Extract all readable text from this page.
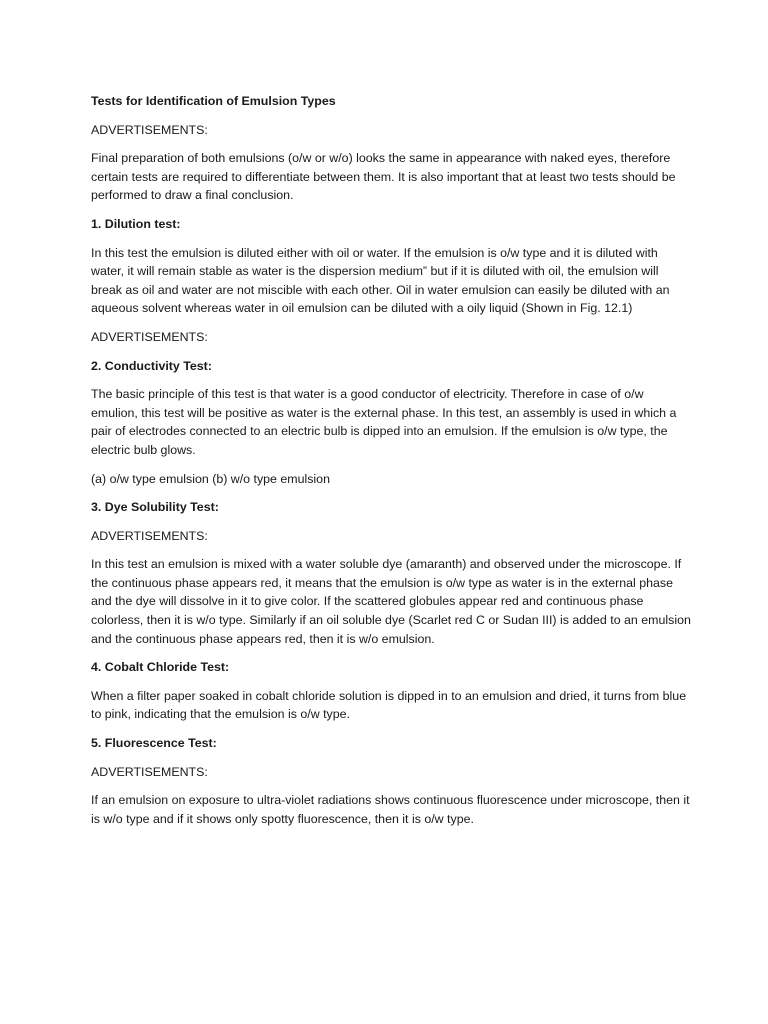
Tests for Identification of Emulsion Types
ADVERTISEMENTS:
Final preparation of both emulsions (o/w or w/o) looks the same in appearance with naked eyes, therefore certain tests are required to differentiate between them. It is also important that at least two tests should be performed to draw a final conclusion.
1. Dilution test:
In this test the emulsion is diluted either with oil or water. If the emulsion is o/w type and it is diluted with water, it will remain stable as water is the dispersion medium” but if it is diluted with oil, the emulsion will break as oil and water are not miscible with each other. Oil in water emulsion can easily be diluted with an aqueous solvent whereas water in oil emulsion can be diluted with a oily liquid (Shown in Fig. 12.1)
ADVERTISEMENTS:
2. Conductivity Test:
The basic principle of this test is that water is a good conductor of electricity. Therefore in case of o/w emulion, this test will be positive as water is the external phase. In this test, an assembly is used in which a pair of electrodes connected to an electric bulb is dipped into an emulsion. If the emulsion is o/w type, the electric bulb glows.
(a) o/w type emulsion (b) w/o type emulsion
3. Dye Solubility Test:
ADVERTISEMENTS:
In this test an emulsion is mixed with a water soluble dye (amaranth) and observed under the microscope. If the continuous phase appears red, it means that the emulsion is o/w type as water is in the external phase and the dye will dissolve in it to give color. If the scattered globules appear red and continuous phase colorless, then it is w/o type. Similarly if an oil soluble dye (Scarlet red C or Sudan III) is added to an emulsion and the continuous phase appears red, then it is w/o emulsion.
4. Cobalt Chloride Test:
When a filter paper soaked in cobalt chloride solution is dipped in to an emulsion and dried, it turns from blue to pink, indicating that the emulsion is o/w type.
5. Fluorescence Test:
ADVERTISEMENTS:
If an emulsion on exposure to ultra-violet radiations shows continuous fluorescence under microscope, then it is w/o type and if it shows only spotty fluorescence, then it is o/w type.
